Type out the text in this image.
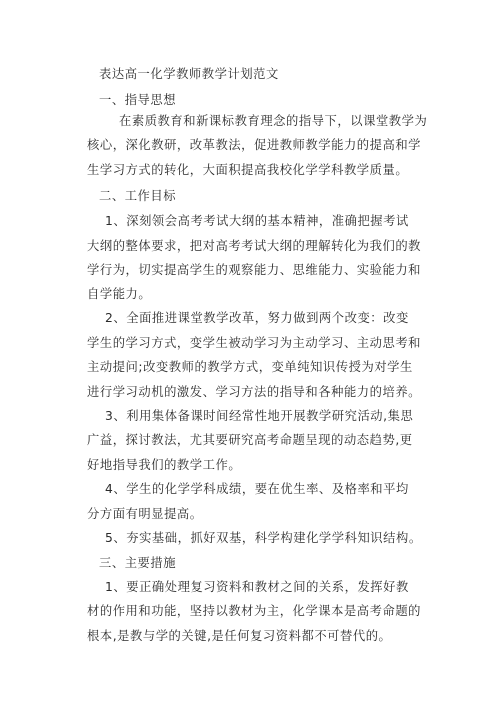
表达高一化学教师教学计划范文
一、指导思想
在素质教育和新课标教育理念的指导下，以课堂教学为
核心，深化教研，改革教法，促进教师教学能力的提高和学
生学习方式的转化，大面积提高我校化学学科教学质量。
二、工作目标
1、深刻领会高考考试大纲的基本精神，准确把握考试
大纲的整体要求，把对高考考试大纲的理解转化为我们的教
学行为，切实提高学生的观察能力、思维能力、实验能力和
自学能力。
2、全面推进课堂教学改革，努力做到两个改变：改变
学生的学习方式，变学生被动学习为主动学习、主动思考和
主动提问;改变教师的教学方式，变单纯知识传授为对学生
进行学习动机的激发、学习方法的指导和各种能力的培养。
3、利用集体备课时间经常性地开展教学研究活动,集思
广益，探讨教法，尤其要研究高考命题呈现的动态趋势,更
好地指导我们的教学工作。
4、学生的化学学科成绩，要在优生率、及格率和平均
分方面有明显提高。
5、夯实基础，抓好双基，科学构建化学学科知识结构。
三、主要措施
1、要正确处理复习资料和教材之间的关系，发挥好教
材的作用和功能，坚持以教材为主，化学课本是高考命题的
根本,是教与学的关键,是任何复习资料都不可替代的。
